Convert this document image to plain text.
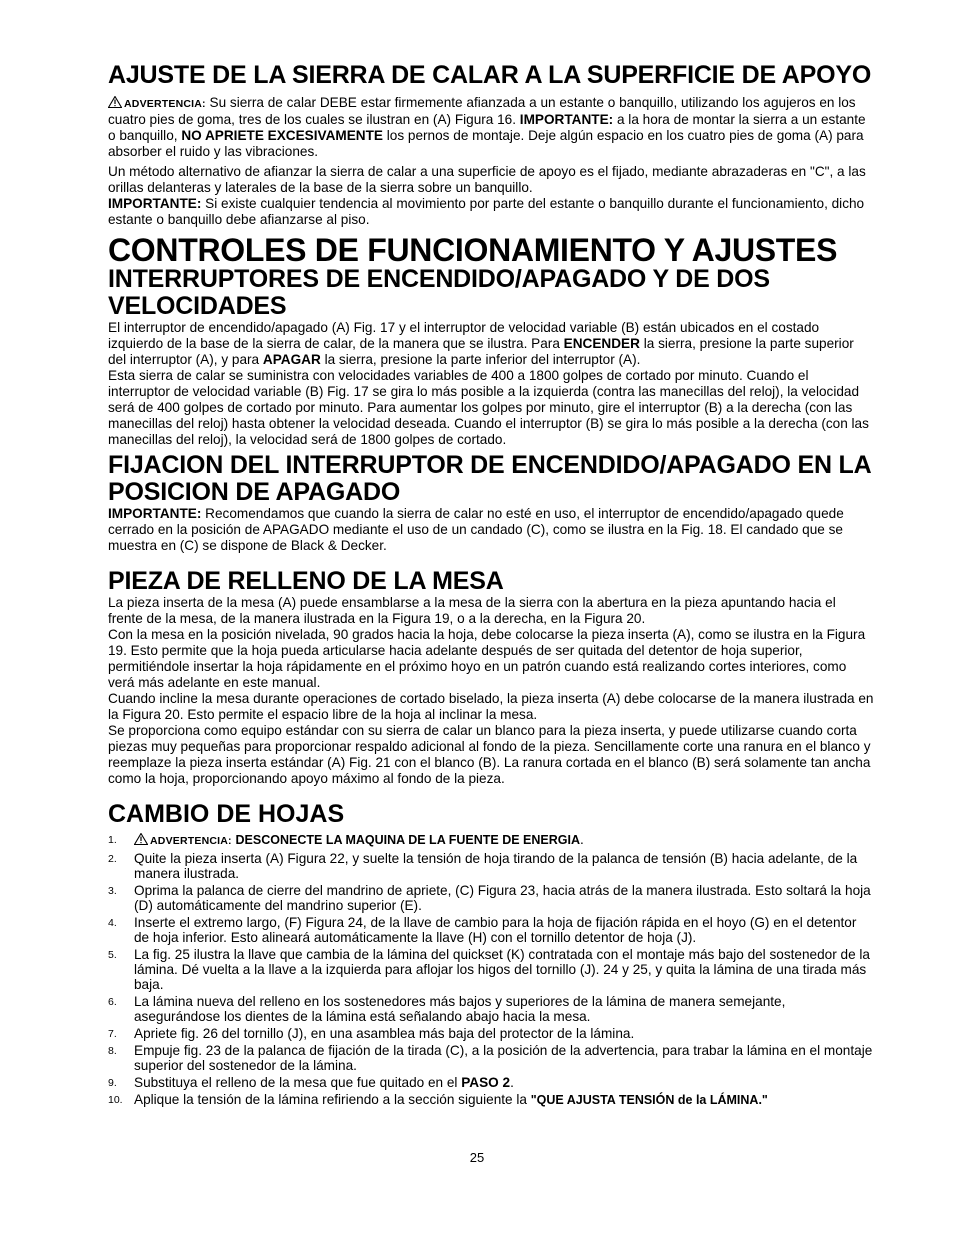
AJUSTE DE LA SIERRA DE CALAR A LA SUPERFICIE DE APOYO

ADVERTENCIA: Su sierra de calar DEBE estar firmemente afianzada a un estante o banquillo, utilizando los agujeros en los cuatro pies de goma, tres de los cuales se ilustran en (A) Figura 16. IMPORTANTE: a la hora de montar la sierra a un estante o banquillo, NO APRIETE EXCESIVAMENTE los pernos de montaje. Deje algún espacio en los cuatro pies de goma (A) para absorber el ruido y las vibraciones.

Un método alternativo de afianzar la sierra de calar a una superficie de apoyo es el fijado, mediante abrazaderas en "C", a las orillas delanteras y laterales de la base de la sierra sobre un banquillo.

IMPORTANTE: Si existe cualquier tendencia al movimiento por parte del estante o banquillo durante el funcionamiento, dicho estante o banquillo debe afianzarse al piso.

CONTROLES DE FUNCIONAMIENTO Y AJUSTES
INTERRUPTORES DE ENCENDIDO/APAGADO Y DE DOS VELOCIDADES

El interruptor de encendido/apagado (A) Fig. 17 y el interruptor de velocidad variable (B) están ubicados en el costado izquierdo de la base de la sierra de calar, de la manera que se ilustra. Para ENCENDER la sierra, presione la parte superior del interruptor (A), y para APAGAR la sierra, presione la parte inferior del interruptor (A).

Esta sierra de calar se suministra con velocidades variables de 400 a 1800 golpes de cortado por minuto. Cuando el interruptor de velocidad variable (B) Fig. 17 se gira lo más posible a la izquierda (contra las manecillas del reloj), la velocidad será de 400 golpes de cortado por minuto. Para aumentar los golpes por minuto, gire el interruptor (B) a la derecha (con las manecillas del reloj) hasta obtener la velocidad deseada. Cuando el interruptor (B) se gira lo más posible a la derecha (con las manecillas del reloj), la velocidad será de 1800 golpes de cortado.

FIJACION DEL INTERRUPTOR DE ENCENDIDO/APAGADO EN LA POSICION DE APAGADO

IMPORTANTE: Recomendamos que cuando la sierra de calar no esté en uso, el interruptor de encendido/apagado quede cerrado en la posición de APAGADO mediante el uso de un candado (C), como se ilustra en la Fig. 18. El candado que se muestra en (C) se dispone de Black & Decker.

PIEZA DE RELLENO DE LA MESA

La pieza inserta de la mesa (A) puede ensamblarse a la mesa de la sierra con la abertura en la pieza apuntando hacia el frente de la mesa, de la manera ilustrada en la Figura 19, o a la derecha, en la Figura 20.

Con la mesa en la posición nivelada, 90 grados hacia la hoja, debe colocarse la pieza inserta (A), como se ilustra en la Figura 19. Esto permite que la hoja pueda articularse hacia adelante después de ser quitada del detentor de hoja superior, permitiéndole insertar la hoja rápidamente en el próximo hoyo en un patrón cuando está realizando cortes interiores, como verá más adelante en este manual.

Cuando incline la mesa durante operaciones de cortado biselado, la pieza inserta (A) debe colocarse de la manera ilustrada en la Figura 20. Esto permite el espacio libre de la hoja al inclinar la mesa.

Se proporciona como equipo estándar con su sierra de calar un blanco para la pieza inserta, y puede utilizarse cuando corta piezas muy pequeñas para proporcionar respaldo adicional al fondo de la pieza. Sencillamente corte una ranura en el blanco y reemplaze la pieza inserta estándar (A) Fig. 21 con el blanco (B). La ranura cortada en el blanco (B) será solamente tan ancha como la hoja, proporcionando apoyo máximo al fondo de la pieza.

CAMBIO DE HOJAS
1.	ADVERTENCIA: DESCONECTE LA MAQUINA DE LA FUENTE DE ENERGIA.
2. Quite la pieza inserta (A) Figura 22, y suelte la tensión de hoja tirando de la palanca de tensión (B) hacia adelante, de la manera ilustrada.
3. Oprima la palanca de cierre del mandrino de apriete, (C) Figura 23, hacia atrás de la manera ilustrada. Esto soltará la hoja (D) automáticamente del mandrino superior (E).
4. Inserte el extremo largo, (F) Figura 24, de la llave de cambio para la hoja de fijación rápida en el hoyo (G) en el detentor de hoja inferior. Esto alineará automáticamente la llave (H) con el tornillo detentor de hoja (J).
5. La fig. 25 ilustra la llave que cambia de la lámina del quickset (K) contratada con el montaje más bajo del sostenedor de la lámina. Dé vuelta a la llave a la izquierda para aflojar los higos del tornillo (J). 24 y 25, y quita la lámina de una tirada más baja.
6. La lámina nueva del relleno en los sostenedores más bajos y superiores de la lámina de manera semejante, asegurándose los dientes de la lámina está señalando abajo hacia la mesa.
7. Apriete fig. 26 del tornillo (J), en una asamblea más baja del protector de la lámina.
8. Empuje fig. 23 de la palanca de fijación de la tirada (C), a la posición de la advertencia, para trabar la lámina en el montaje superior del sostenedor de la lámina.
9. Substituya el relleno de la mesa que fue quitado en el PASO 2.
10. Aplique la tensión de la lámina refiriendo a la sección siguiente la "QUE AJUSTA TENSIÓN de la LÁMINA."
25
